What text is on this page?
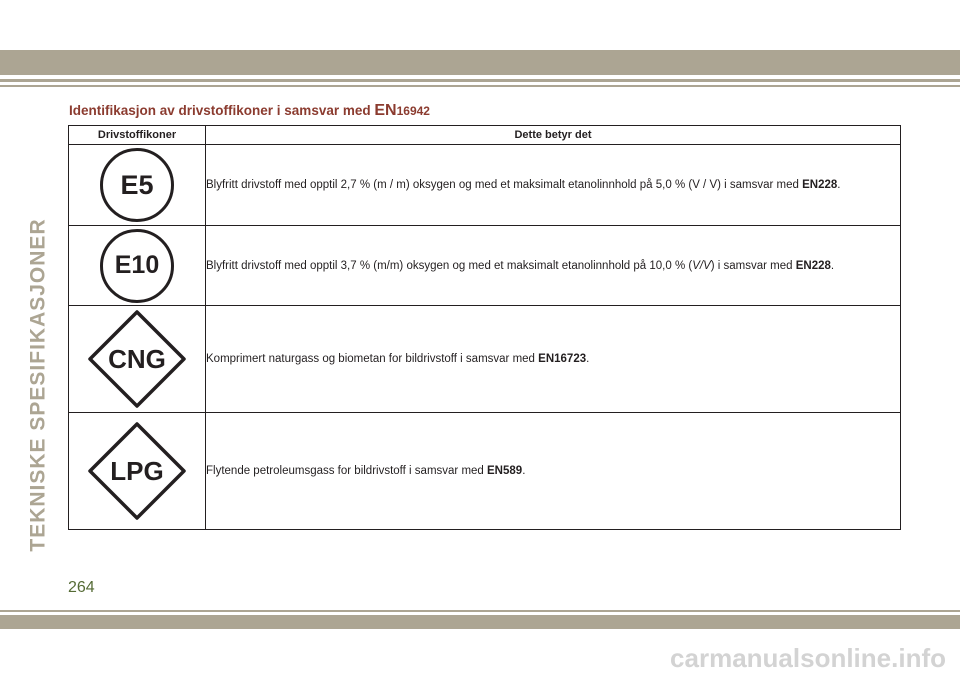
TEKNISKE SPESIFIKASJONER
Identifikasjon av drivstoffikoner i samsvar med EN16942
Drivstoffikoner	Dette betyr det
E5	Blyfritt drivstoff med opptil 2,7 % (m / m) oksygen og med et maksimalt etanolinnhold på 5,0 % (V / V) i samsvar med EN228.
E10	Blyfritt drivstoff med opptil 3,7 % (m/m) oksygen og med et maksimalt etanolinnhold på 10,0 % (V/V) i samsvar med EN228.

CNG	Komprimert naturgass og biometan for bildrivstoff i samsvar med EN16723.

LPG	Flytende petroleumsgass for bildrivstoff i samsvar med EN589.

264

carmanualsonline.info
